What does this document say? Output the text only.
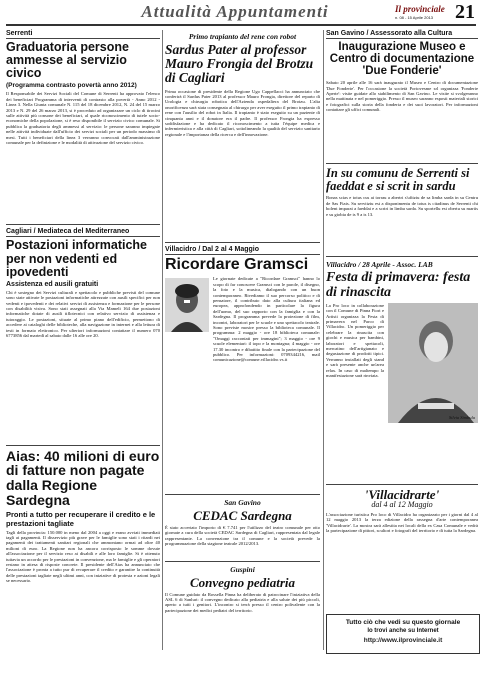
Attualità Appuntamenti	Il provinciale
n. 08 - 15 Aprile 2013 21
Serrenti
Graduatoria persone ammesse al servizio civico
(Programma contrasto povertà anno 2012)

Il Responsabile dei Servizi Sociali del Comune di Serrenti ha approvato l'elenco dei beneficiari Programma di interventi di contrasto alla povertà - Anno 2012 - Linea 3. Nella Giunta comunale N. 115 del 18 dicembre 2012, N. 24 del 15 marzo 2013 e N. 29 del 26 marzo 2013, si è proceduto ad organizzare un ciclo di tirocini sulle attività più consone dei beneficiari, al quale riconoscimento di tutele socio-economiche della popolazione, si è reso disponibile il servizio civico comunale. Si pubblica la graduatoria degli ammessi al servizio: le persone saranno impiegate nelle attività individuate dall'ufficio dei servizi sociali per un periodo massimo di mesi. Tutti i beneficiari della linea 3 verranno convocati dall'amministrazione comunale per la definizione e le modalità di attivazione del servizio civico.

Cagliari / Mediateca del Mediterraneo
Postazioni informatiche per non vedenti ed ipovedenti
Assistenza ed ausili gratuiti

Chi è sostegno dei Servizi culturali e spettacolo e pubbliche previsti del comune sono state attivate le postazioni informatiche attrezzate con ausili specifici per non vedenti e ipovedenti e dei relativi servizi di assistenza e formazione per le persone con disabilità visiva. Sono stati assegnati alla Via Mameli 164 due postazioni informatiche dotate di ausili tiflotecnici con relativo servizio di assistenza e tutoraggio. Le postazioni, situate al primo piano dell'edificio, permettono di accedere ai cataloghi delle biblioteche, alla navigazione in internet e alla lettura di testi in formato elettronico. Per ulteriori informazioni contattare il numero 070 6773856 dal martedì al sabato dalle 16 alle ore 20.

Aias: 40 milioni di euro di fatture non pagate dalla Regione Sardegna
Pronti a tutto per recuperare il credito e le prestazioni tagliate

Tagli della provincia: 150.000 in meno dal 2004 a oggi e erano avviati immediati tagli ai pagamenti. Il disservizio più grave per le famiglie sono stati i ritardi nei pagamenti dei trattamenti sanitari regionali che ammontano ormai ad oltre 40 milioni di euro. La Regione non ha ancora corrisposto le somme dovute all'associazione per il servizio reso ai disabili e alle loro famiglie. Si è ottenuto tuttavia un accordo per le prestazioni in convenzione, ma le famiglie e gli operatori restano in attesa di risposte concrete. Il presidente dell'Aias ha annunciato che l'associazione è pronta a tutto pur di recuperare il credito e garantire la continuità delle prestazioni tagliate negli ultimi anni, con iniziative di protesta e azioni legali se necessario.

Primo trapianto del rene con robot
Sardus Pater al professor Mauro Frongia del Brotzu di Cagliari

Prima occasione di presidente della Regione Ugo Cappellacci ha annunciato che conferirà il Sardus Pater 2013 al professor Mauro Frongia, direttore del reparto di Urologia e chirurgia robotica dell'Azienda ospedaliera del Brotzu. L'alta onorificenza sarà stata consegnata al chirurgo per aver eseguito il primo trapianto di rene con l'ausilio del robot in Italia. Il trapianto è stato eseguito su un paziente di cinquanta anni e il donatore era il padre. Il professor Frongia ha espresso soddisfazione e ha dedicato il riconoscimento a tutta l'équipe medica e infermieristica e alla città di Cagliari, sottolineando la qualità del servizio sanitario regionale e l'importanza della ricerca e dell'innovazione.

Villacidro / Dal 2 al 4 Maggio
Ricordare Gramsci

Le giornate dedicate a "Ricordare Gramsci" hanno lo scopo di far conoscere Gramsci con le parole, il disegno, la foto e la musica, dialogando con un buon contemporaneo. Rivediamo il suo percorso politico e di pensatore, il contributo dato alla cultura italiana ed europea, approfondendo in particolare la figura dell'uomo, del suo rapporto con la famiglia e con la Sardegna. Il programma prevede la proiezione di film, incontri, laboratori per le scuole e uno spettacolo teatrale. Sono previste mostre presso la biblioteca comunale. Il programma: 2 maggio - ore 18 biblioteca comunale: "Omaggi raccontati per immagini"; 3 maggio - ore 9 scuole elementari: il topo e la montagna; 4 maggio - ore 17.30 incontro e dibattito finale con la partecipazione del pubblico. Per informazioni: 0709344216, mail comunicazione@comune.villacidro.vs.it

San Gavino
CEDAC Sardegna

È stato accertato l'importo di € 7.741 per l'utilizzo del teatro comunale per otto giornate a cura della società CEDAC Sardegna di Cagliari, rappresentata dal legale rappresentante. La convenzione tra il comune e la società prevede la programmazione della stagione teatrale 2012/2013.

Guspini
Convegno pediatria

Il Comune guidato da Rossella Pinna ha deliberato di patrocinare l'iniziativa della ASL 6 di Sanluri: il convegno dedicato alla pediatria e alla salute dei più piccoli, aperto a tutti i genitori. L'incontro si terrà presso il centro polivalente con la partecipazione dei medici pediatri del territorio.

San Gavino / Assessorato alla Cultura
Inaugurazione Museo e Centro di documentazione 'Due Fonderie'

Sabato 20 aprile alle 16 sarà inaugurato il Museo e Centro di documentazione 'Due Fonderie'. Per l'occasione la società Portovesme srl organizza 'Fonderie Aperte': visite guidate allo stabilimento di San Gavino. Le visite si svolgeranno nella mattinata e nel pomeriggio. Presso il museo saranno esposti materiali storici e fotografici sulla storia della fonderia e dei suoi lavoratori. Per informazioni contattare gli uffici comunali.

In su comunu de Serrenti si faeddat e si scrit in sardu

Bonas scias e totus cus ai torrau a abertri s'ufitziu de sa limba sarda in su Centru de Sas Fiais. Su servitziu est a disponimentu de totus is citadinus de Serrenti chi bolent imparai a faeddai e a scriri in limba sarda. Su sportellu est obertu su martis e su giobia de is 9 a is 13.

Villacidro / 28 Aprile - Assoc. LAB
Festa di primavera: festa di rinascita
Silvia Simbula

La Pro loco in collaborazione con il Comune di Pinna Fiori e Artisti organizza la Festa di primavera nel Parco di Villacidro. Un pomeriggio per celebrare la rinascita con giochi e musica per bambini, laboratori e spettacoli, mercatino dell'artigianato e degustazione di prodotti tipici. Verranno installati degli stand e sarà presente anche un'area relax. In caso di maltempo la manifestazione sarà rinviata.

'Villacidrarte'
dal 4 al 12 Maggio

L'associazione turistica Pro loco di Villacidro ha organizzato per i giorni dal 4 al 12 maggio 2013 la terza edizione della rassegna d'arte contemporanea 'Villacidrarte'. La mostra sarà allestita nei locali della ex Casa Comunale e vedrà la partecipazione di pittori, scultori e fotografi del territorio e di tutta la Sardegna.

Tutto ciò che vedi su questo giornale
lo trovi anche su Internet
http://www.ilprovinciale.it
